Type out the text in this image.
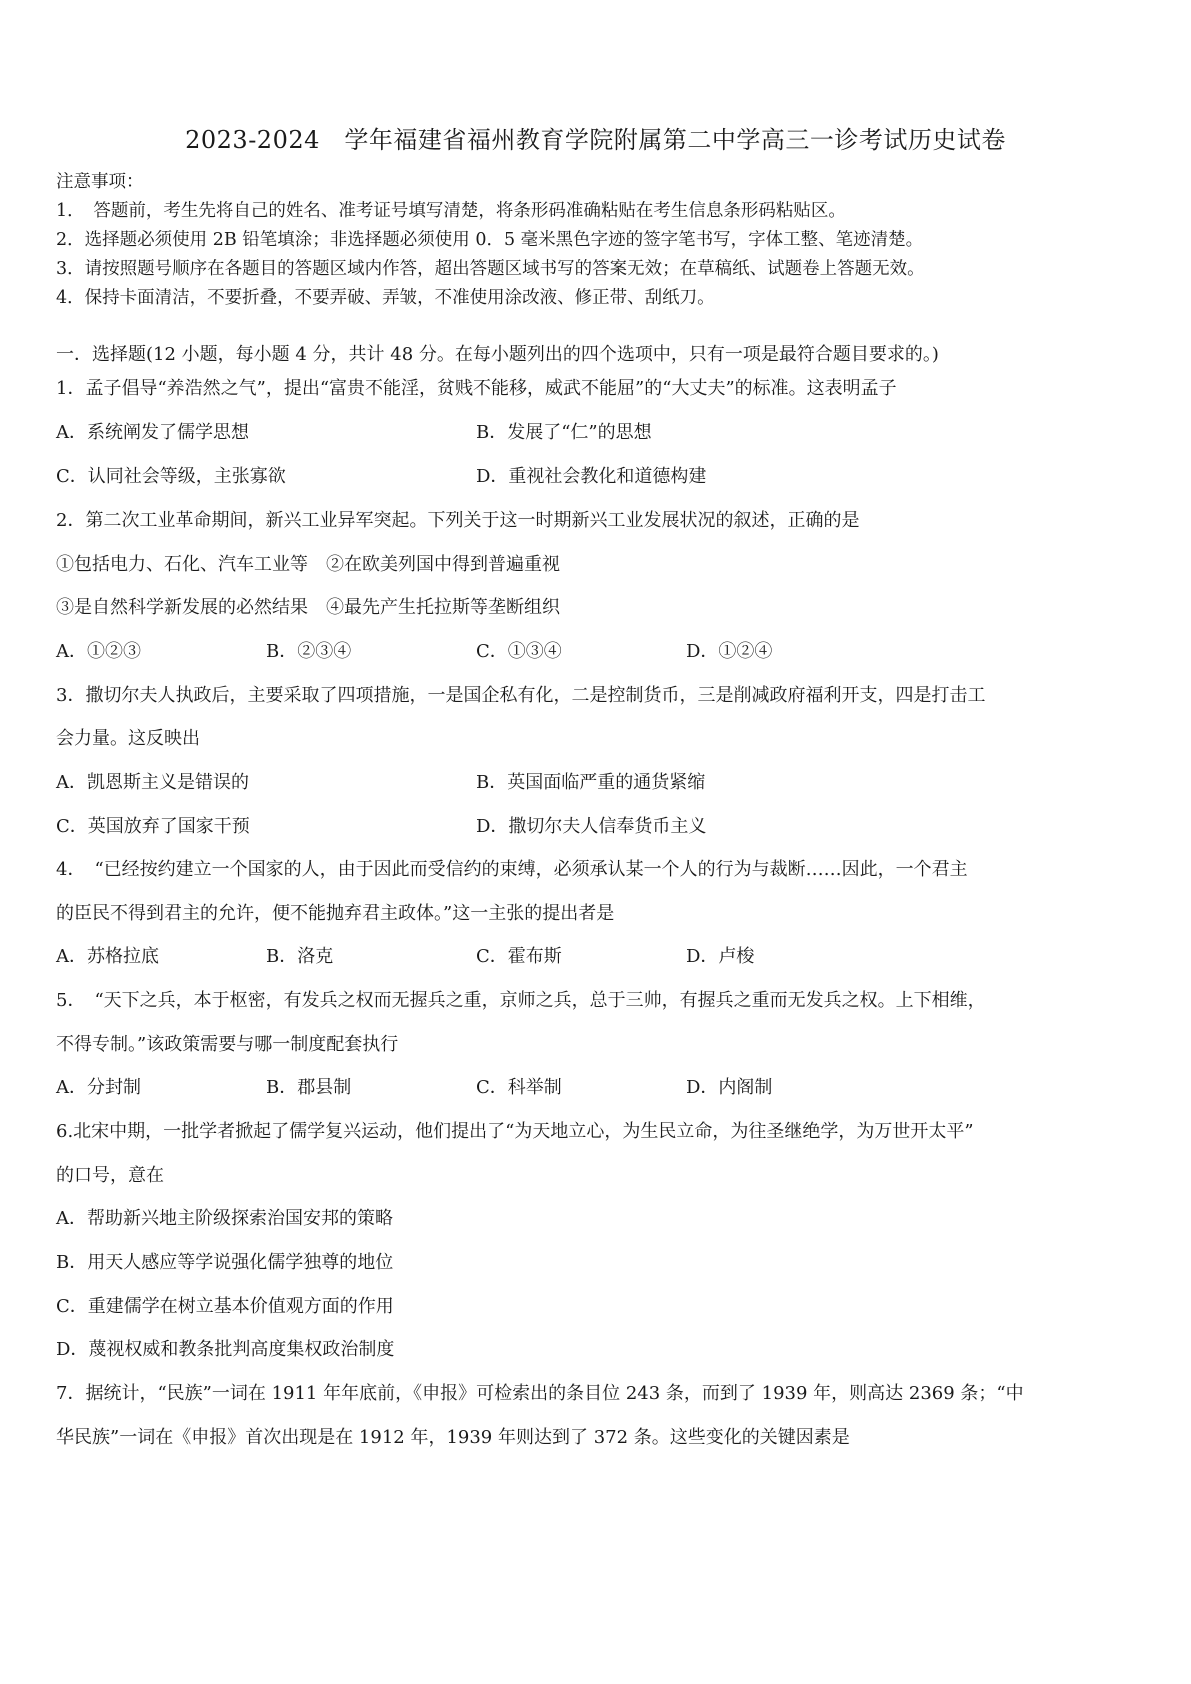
2023-2024　学年福建省福州教育学院附属第二中学高三一诊考试历史试卷
注意事项：
1．　答题前，考生先将自己的姓名、准考证号填写清楚，将条形码准确粘贴在考生信息条形码粘贴区。
2．选择题必须使用 2B 铅笔填涂；非选择题必须使用 0．5 毫米黑色字迹的签字笔书写，字体工整、笔迹清楚。
3．请按照题号顺序在各题目的答题区域内作答，超出答题区域书写的答案无效；在草稿纸、试题卷上答题无效。
4．保持卡面清洁，不要折叠，不要弄破、弄皱，不准使用涂改液、修正带、刮纸刀。
一．选择题(12 小题，每小题 4 分，共计 48 分。在每小题列出的四个选项中，只有一项是最符合题目要求的。)
1．孟子倡导“养浩然之气”，提出“富贵不能淫，贫贱不能移，威武不能屈”的“大丈夫”的标准。这表明孟子
A．系统阐发了儒学思想	B．发展了“仁”的思想
C．认同社会等级，主张寡欲	D．重视社会教化和道德构建
2．第二次工业革命期间，新兴工业异军突起。下列关于这一时期新兴工业发展状况的叙述，正确的是
①包括电力、石化、汽车工业等　②在欧美列国中得到普遍重视
③是自然科学新发展的必然结果　④最先产生托拉斯等垄断组织
A．①②③	B．②③④	C．①③④	D．①②④
3．撒切尔夫人执政后，主要采取了四项措施，一是国企私有化，二是控制货币，三是削减政府福利开支，四是打击工
会力量。这反映出
A．凯恩斯主义是错误的	B．英国面临严重的通货紧缩
C．英国放弃了国家干预	D．撒切尔夫人信奉货币主义
4．　“已经按约建立一个国家的人，由于因此而受信约的束缚，必须承认某一个人的行为与裁断……因此，一个君主
的臣民不得到君主的允许，便不能抛弃君主政体。”这一主张的提出者是
A．苏格拉底	B．洛克	C．霍布斯	D．卢梭
5．　“天下之兵，本于枢密，有发兵之权而无握兵之重，京师之兵，总于三帅，有握兵之重而无发兵之权。上下相维，
不得专制。”该政策需要与哪一制度配套执行
A．分封制	B．郡县制	C．科举制	D．内阁制
6.北宋中期，一批学者掀起了儒学复兴运动，他们提出了“为天地立心，为生民立命，为往圣继绝学，为万世开太平”
的口号，意在
A．帮助新兴地主阶级探索治国安邦的策略
B．用天人感应等学说强化儒学独尊的地位
C．重建儒学在树立基本价值观方面的作用
D．蔑视权威和教条批判高度集权政治制度
7．据统计，“民族”一词在 1911 年年底前，《申报》可检索出的条目位 243 条，而到了 1939 年，则高达 2369 条；“中
华民族”一词在《申报》首次出现是在 1912 年，1939 年则达到了 372 条。这些变化的关键因素是
